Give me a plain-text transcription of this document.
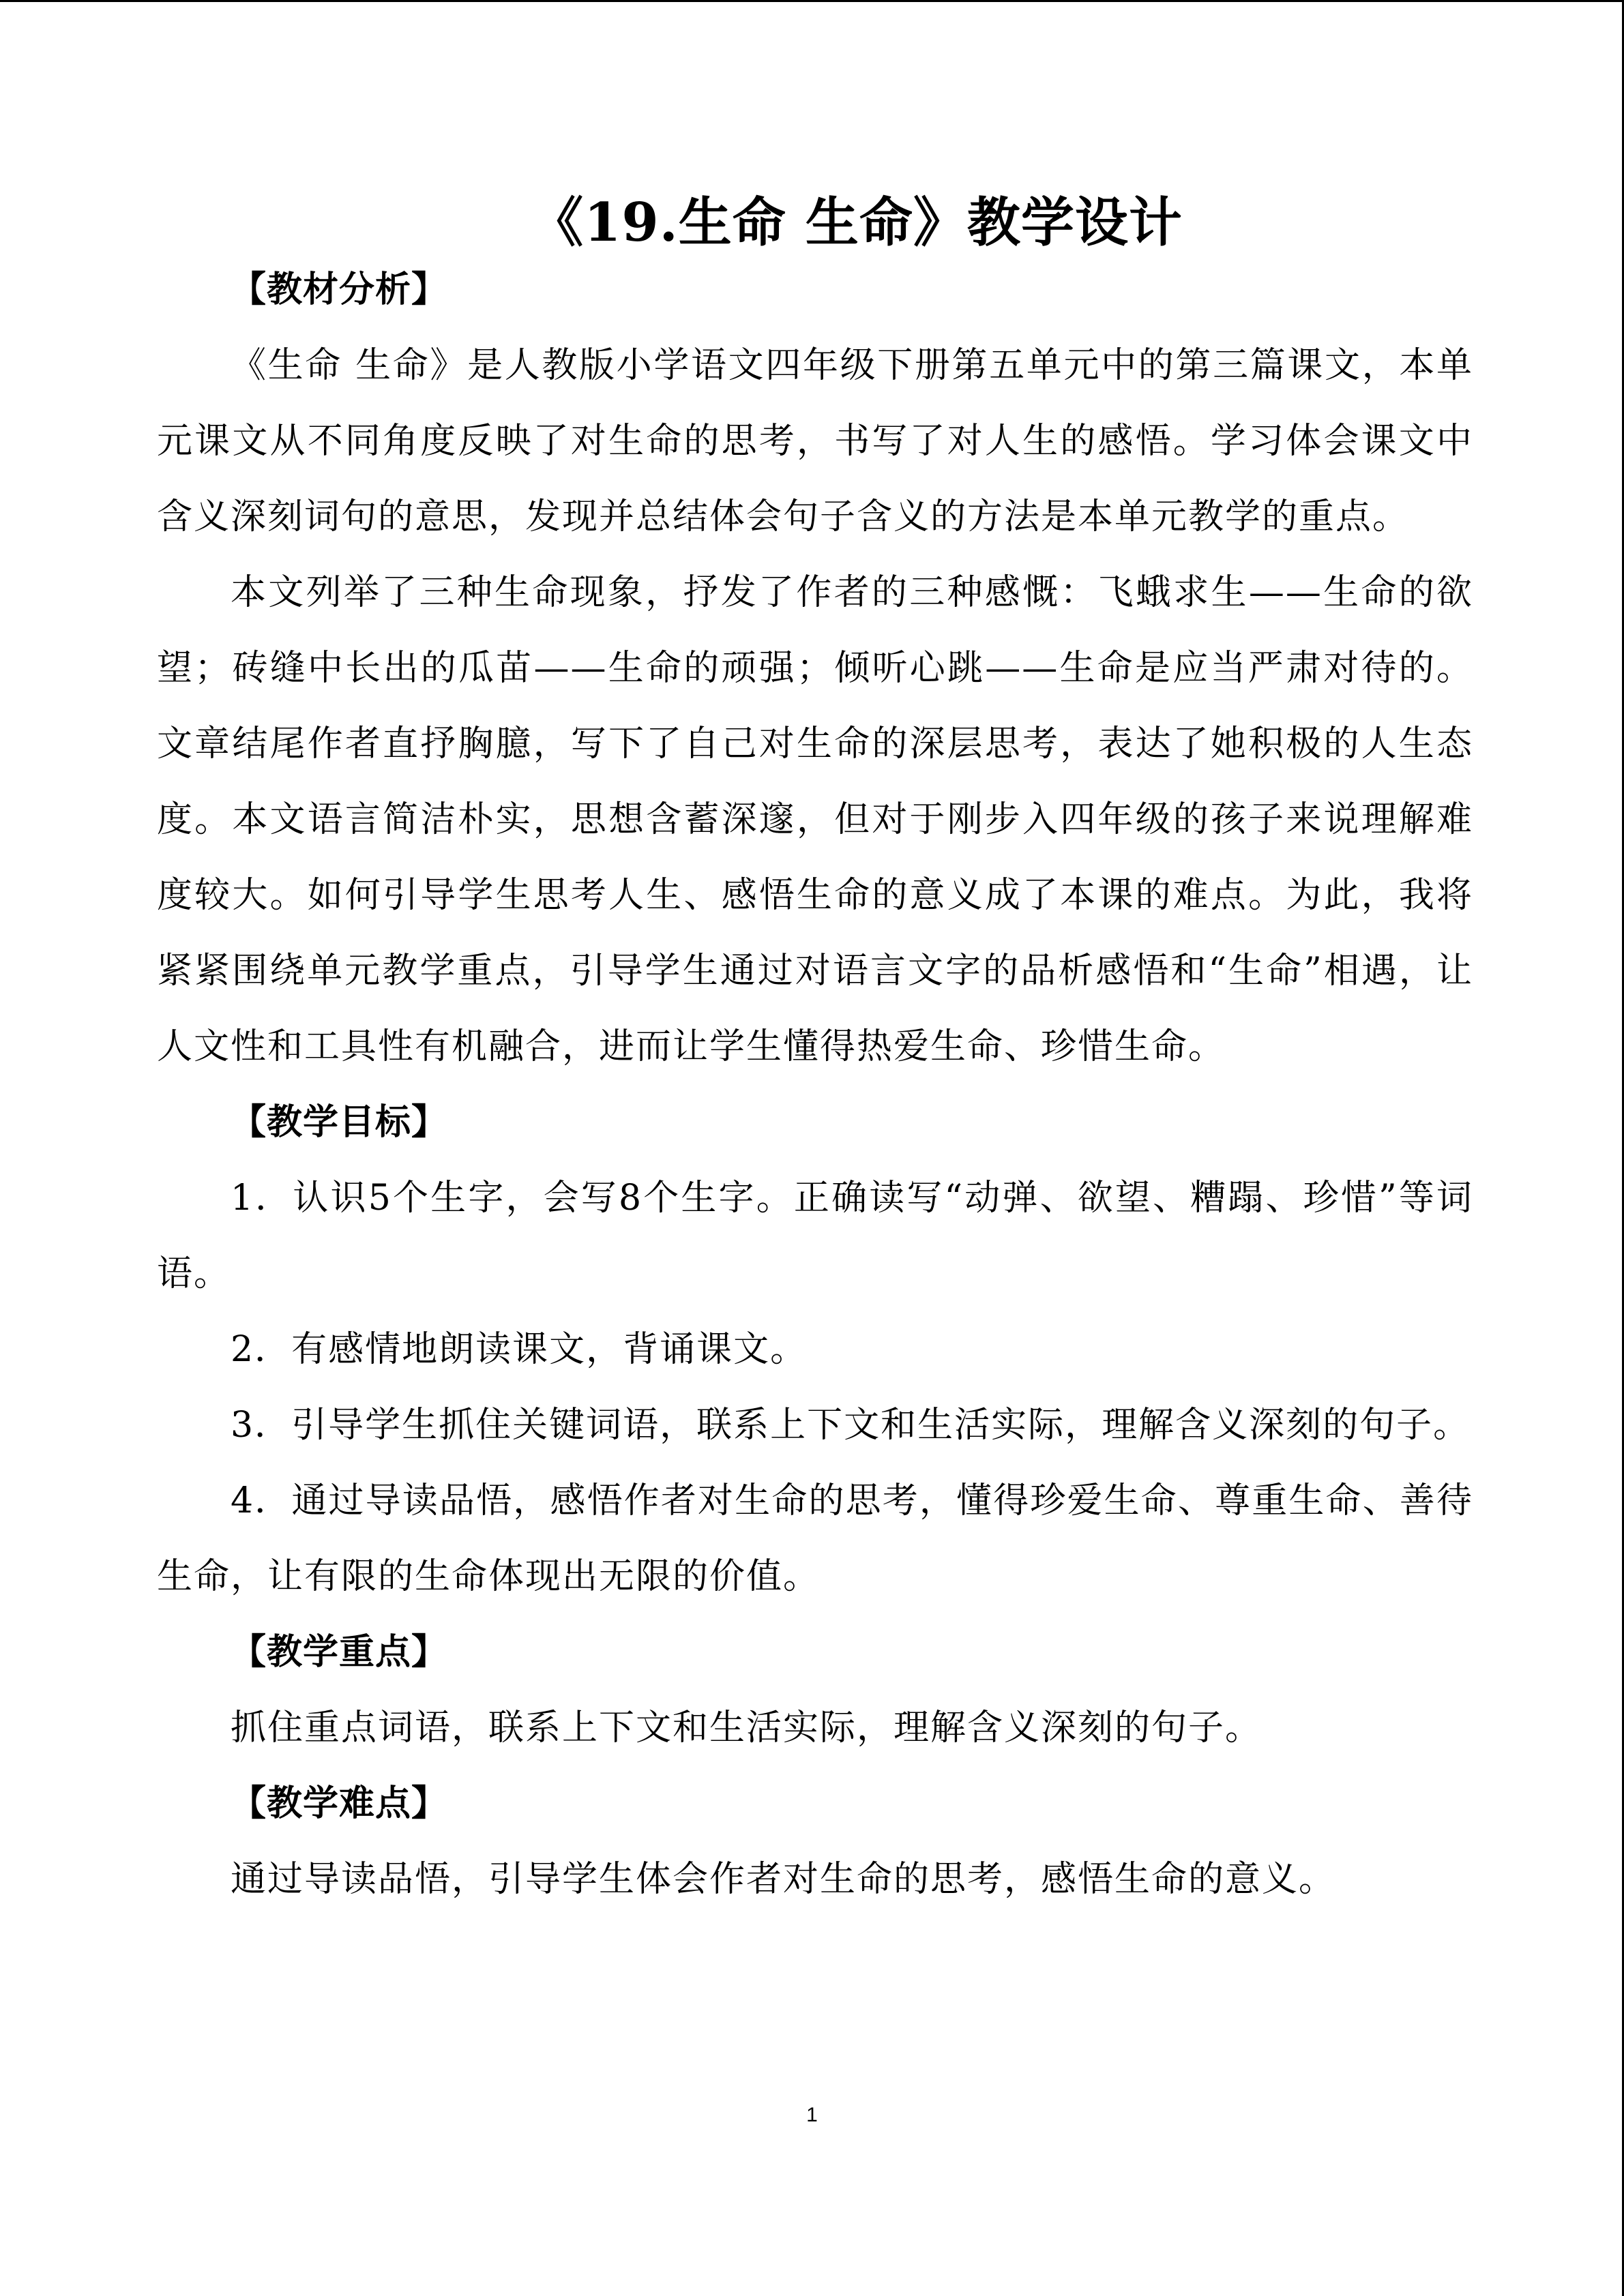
《19.生命 生命》教学设计

【教材分析】

《生命 生命》是人教版小学语文四年级下册第五单元中的第三篇课文，本单元课文从不同角度反映了对生命的思考，书写了对人生的感悟。学习体会课文中含义深刻词句的意思，发现并总结体会句子含义的方法是本单元教学的重点。

本文列举了三种生命现象，抒发了作者的三种感慨：飞蛾求生——生命的欲望；砖缝中长出的瓜苗——生命的顽强；倾听心跳——生命是应当严肃对待的。文章结尾作者直抒胸臆，写下了自己对生命的深层思考，表达了她积极的人生态度。本文语言简洁朴实，思想含蓄深邃，但对于刚步入四年级的孩子来说理解难度较大。如何引导学生思考人生、感悟生命的意义成了本课的难点。为此，我将紧紧围绕单元教学重点，引导学生通过对语言文字的品析感悟和“生命”相遇，让人文性和工具性有机融合，进而让学生懂得热爱生命、珍惜生命。

【教学目标】

1．认识5个生字，会写8个生字。正确读写“动弹、欲望、糟蹋、珍惜”等词语。

2．有感情地朗读课文，背诵课文。

3．引导学生抓住关键词语，联系上下文和生活实际，理解含义深刻的句子。

4．通过导读品悟，感悟作者对生命的思考，懂得珍爱生命、尊重生命、善待生命，让有限的生命体现出无限的价值。

【教学重点】

抓住重点词语，联系上下文和生活实际，理解含义深刻的句子。

【教学难点】

通过导读品悟，引导学生体会作者对生命的思考，感悟生命的意义。

1
